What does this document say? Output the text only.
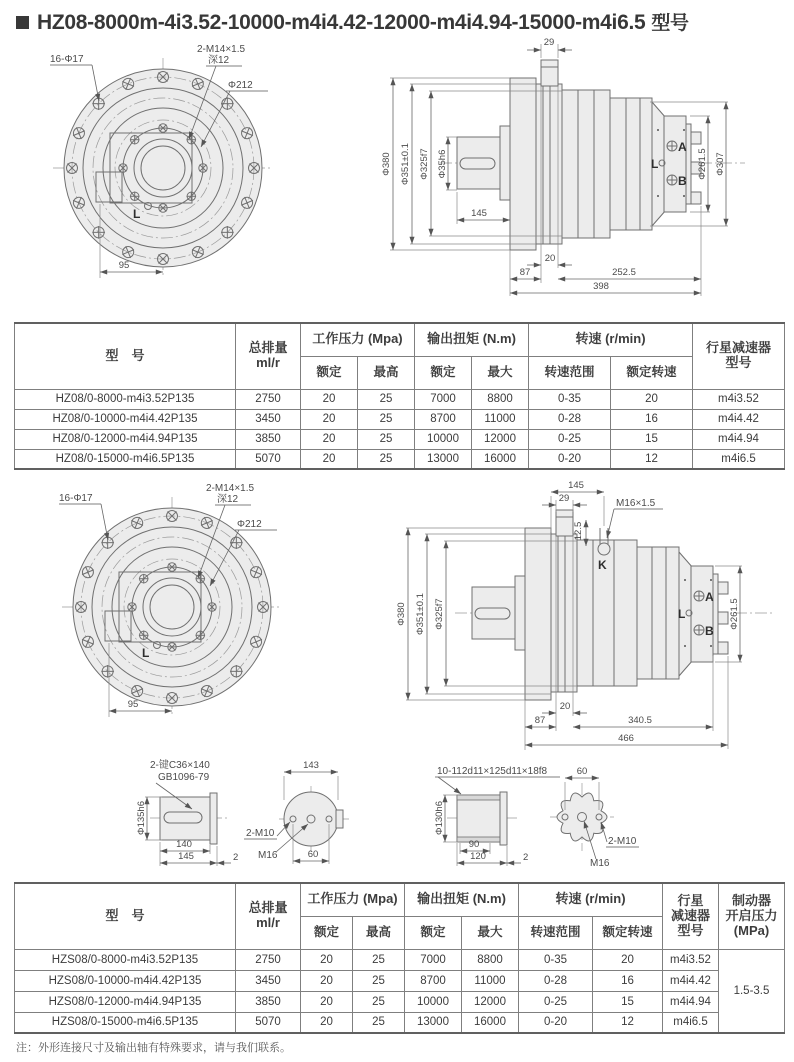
HZ08-8000m-4i3.52-10000-m4i4.42-12000-m4i4.94-15000-m4i6.5 型号
16-Φ17
2-M14×1.5
深12
Φ212
L
95
A
B
L
Φ380 Φ351±0.1 Φ325f7 Φ35h6
29
145
20
87	252.5
398
Φ261.5 Φ307
16-Φ17
2-M14×1.5
深12
Φ212
L
95
A
B
L
K
Φ380 Φ351±0.1 Φ325f7
145
29	M16×1.5
12.5
20
87	340.5
466
Φ261.5
2-键C36×140
GB1096-79
Φ135h6
140
145	2
143
2-M10
M16	60
10-112d11×125d11×18f8
Φ130h6
90
120	2
60
2-M10
M16
型　号	总排量
ml/r
	工作压力 (Mpa)	输出扭矩 (N.m)	转速 (r/min)	
行星减速器
型号

		额定	最高	额定	最大	转速范围	额定转速	
HZ08/0-8000-m4i3.52P135	2750	20	25	7000	8800	0-35	20	m4i3.52
HZ08/0-10000-m4i4.42P135	3450	20	25	8700	11000	0-28	16	m4i4.42
HZ08/0-12000-m4i4.94P135	3850	20	25	10000	12000	0-25	15	m4i4.94
HZ08/0-15000-m4i6.5P135	5070	20	25	13000	16000	0-20	12	m4i6.5
型　号	总排量
ml/r
	工作压力 (Mpa)	输出扭矩 (N.m)	转速 (r/min)	行星
减速器
型号

制动器
开启压力
(MPa)

		额定	最高	额定	最大	转速范围	额定转速		
HZS08/0-8000-m4i3.52P135	2750	20	25	7000	8800	0-35	20	m4i3.52	1.5-3.5
HZS08/0-10000-m4i4.42P135	3450	20	25	8700	11000	0-28	16	m4i4.42	
HZS08/0-12000-m4i4.94P135	3850	20	25	10000	12000	0-25	15	m4i4.94	
HZS08/0-15000-m4i6.5P135	5070	20	25	13000	16000	0-20	12	m4i6.5	
注：外形连接尺寸及输出轴有特殊要求，请与我们联系。
